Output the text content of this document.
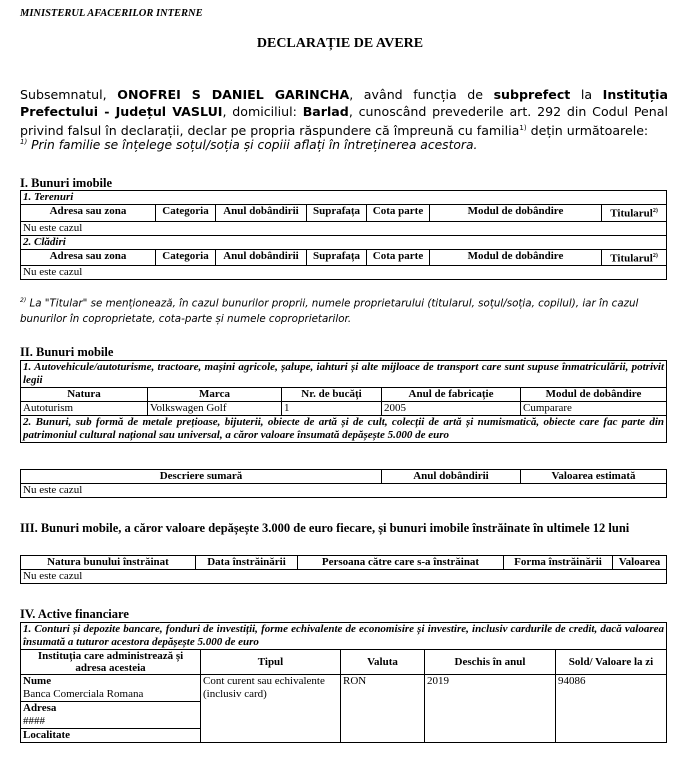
MINISTERUL AFACERILOR INTERNE
DECLARAȚIE DE AVERE
Subsemnatul, ONOFREI S DANIEL GARINCHA, având funcția de subprefect la Instituția Prefectului - Județul VASLUI, domiciliul: Barlad, cunoscând prevederile art. 292 din Codul Penal privind falsul în declarații, declar pe propria răspundere că împreună cu familia$^{1)}$ dețin următoarele:
$^{1)}$ Prin familie se înțelege soțul/soția și copiii aflați în întreținerea acestora.
I. Bunuri imobile
1. Terenuri						
Adresa sau zona	Categoria	Anul dobândirii	Suprafața	Cota parte	Modul de dobândire	Titularul$^{2)}$
Nu este cazul						
2. Clădiri						
Adresa sau zona	Categoria	Anul dobândirii	Suprafața	Cota parte	Modul de dobândire	Titularul$^{2)}$
Nu este cazul						
$^{2)}$ La "Titular" se menționează, în cazul bunurilor proprii, numele proprietarului (titularul, soțul/soția, copilul), iar în cazul bunurilor în coproprietate, cota-parte și numele coproprietarilor.
II. Bunuri mobile
1. Autovehicule/autoturisme, tractoare, mașini agricole, șalupe, iahturi și alte mijloace de transport care sunt supuse înmatriculării, potrivit legii				
Natura	Marca	Nr. de bucăți	Anul de fabricație	Modul de dobândire
Autoturism	Volkswagen Golf	1	2005	Cumparare
2. Bunuri, sub formă de metale prețioase, bijuterii, obiecte de artă și de cult, colecții de artă și numismatică, obiecte care fac parte din patrimoniul cultural național sau universal, a căror valoare însumată depășește 5.000 de euro				
Descriere sumară	Anul dobândirii	Valoarea estimată
Nu este cazul
III. Bunuri mobile, a căror valoare depășește 3.000 de euro fiecare, și bunuri imobile înstrăinate în ultimele 12 luni
Natura bunului înstrăinat	Data înstrăinării	Persoana către care s-a înstrăinat	Forma înstrăinării	Valoarea
Nu este cazul
IV. Active financiare
1. Conturi și depozite bancare, fonduri de investiții, forme echivalente de economisire și investire, inclusiv cardurile de credit, dacă valoarea însumată a tuturor acestora depășește 5.000 de euro				
Instituția care administrează și adresa acesteia	Tipul	Valuta	Deschis în anul	Sold/ Valoare la zi

Nume
Banca Comerciala Romana
Adresa
####
Localitate	Cont curent sau echivalente (inclusiv card)	RON	2019	94086
